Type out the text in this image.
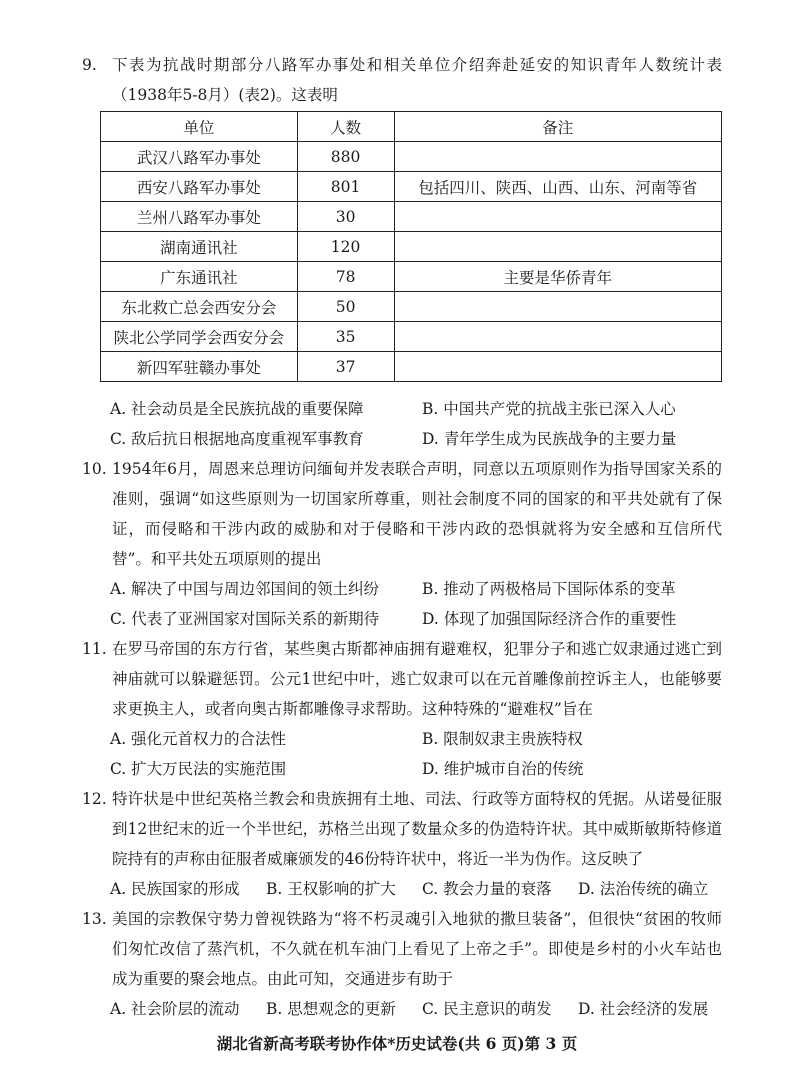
9. 下表为抗战时期部分八路军办事处和相关单位介绍奔赴延安的知识青年人数统计表（1938年5-8月）(表2)。这表明
单位	人数	备注
武汉八路军办事处	880	
西安八路军办事处	801	包括四川、陕西、山西、山东、河南等省
兰州八路军办事处	30	
湖南通讯社	120	
广东通讯社	78	主要是华侨青年
东北救亡总会西安分会	50	
陕北公学同学会西安分会	35	
新四军驻赣办事处	37	
A. 社会动员是全民族抗战的重要保障	B. 中国共产党的抗战主张已深入人心
C. 敌后抗日根据地高度重视军事教育	D. 青年学生成为民族战争的主要力量
10. 1954年6月，周恩来总理访问缅甸并发表联合声明，同意以五项原则作为指导国家关系的准则，强调“如这些原则为一切国家所尊重，则社会制度不同的国家的和平共处就有了保证，而侵略和干涉内政的威胁和对于侵略和干涉内政的恐惧就将为安全感和互信所代替”。和平共处五项原则的提出
A. 解决了中国与周边邻国间的领土纠纷	B. 推动了两极格局下国际体系的变革
C. 代表了亚洲国家对国际关系的新期待	D. 体现了加强国际经济合作的重要性
11. 在罗马帝国的东方行省，某些奥古斯都神庙拥有避难权，犯罪分子和逃亡奴隶通过逃亡到神庙就可以躲避惩罚。公元1世纪中叶，逃亡奴隶可以在元首雕像前控诉主人，也能够要求更换主人，或者向奥古斯都雕像寻求帮助。这种特殊的“避难权”旨在
A. 强化元首权力的合法性	B. 限制奴隶主贵族特权
C. 扩大万民法的实施范围	D. 维护城市自治的传统
12. 特许状是中世纪英格兰教会和贵族拥有土地、司法、行政等方面特权的凭据。从诺曼征服到12世纪末的近一个半世纪，苏格兰出现了数量众多的伪造特许状。其中威斯敏斯特修道院持有的声称由征服者威廉颁发的46份特许状中，将近一半为伪作。这反映了
A. 民族国家的形成 B. 王权影响的扩大 C. 教会力量的衰落 D. 法治传统的确立
13. 美国的宗教保守势力曾视铁路为“将不朽灵魂引入地狱的撒旦装备”，但很快“贫困的牧师们匆忙改信了蒸汽机，不久就在机车油门上看见了上帝之手”。即使是乡村的小火车站也成为重要的聚会地点。由此可知，交通进步有助于
A. 社会阶层的流动 B. 思想观念的更新 C. 民主意识的萌发 D. 社会经济的发展
湖北省新高考联考协作体*历史试卷(共 6 页)第 3 页
